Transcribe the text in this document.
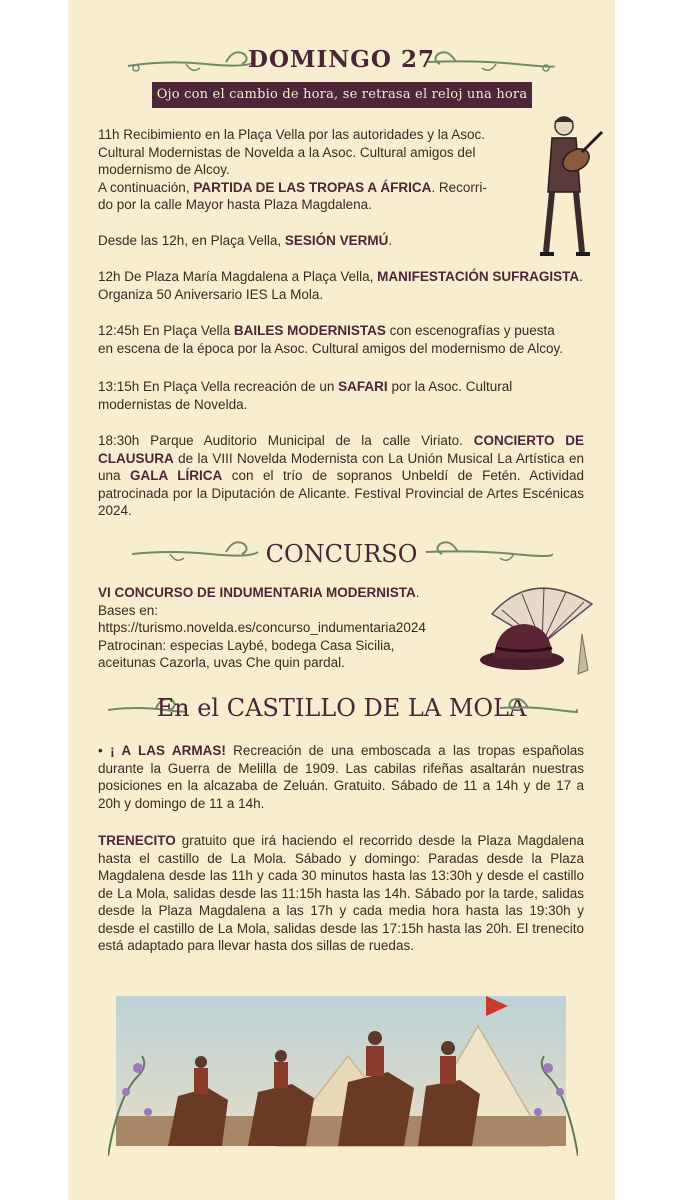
DOMINGO 27
Ojo con el cambio de hora, se retrasa el reloj una hora
11h Recibimiento en la Plaça Vella por las autoridades y la Asoc.
Cultural Modernistas de Novelda a la Asoc. Cultural amigos del
modernismo de Alcoy.
A continuación, PARTIDA DE LAS TROPAS A ÁFRICA. Recorri-
do por la calle Mayor hasta Plaza Magdalena.
Desde las 12h, en Plaça Vella, SESIÓN VERMÚ.
12h De Plaza María Magdalena a Plaça Vella, MANIFESTACIÓN SUFRAGISTA.
Organiza 50 Aniversario IES La Mola.
12:45h En Plaça Vella BAILES MODERNISTAS con escenografías y puesta
en escena de la época por la Asoc. Cultural amigos del modernismo de Alcoy.
13:15h En Plaça Vella recreación de un SAFARI por la Asoc. Cultural
modernistas de Novelda.
18:30h Parque Auditorio Municipal de la calle Viriato. CONCIERTO DE CLAUSURA de la VIII Novelda Modernista con La Unión Musical La Artística en una GALA LÍRICA con el trío de sopranos Unbeldí de Fetén. Actividad patrocinada por la Diputación de Alicante. Festival Provincial de Artes Escénicas 2024.
CONCURSO
VI CONCURSO DE INDUMENTARIA MODERNISTA.
Bases en:
https://turismo.novelda.es/concurso_indumentaria2024
Patrocinan: especias Laybé, bodega Casa Sicilia,
aceitunas Cazorla, uvas Che quin pardal.
En el CASTILLO DE LA MOLA
• ¡ A LAS ARMAS! Recreación de una emboscada a las tropas españolas durante la Guerra de Melilla de 1909. Las cabilas rifeñas asaltarán nuestras posiciones en la alcazaba de Zeluán. Gratuito. Sábado de 11 a 14h y de 17 a 20h y domingo de 11 a 14h.
TRENECITO gratuito que irá haciendo el recorrido desde la Plaza Magdalena hasta el castillo de La Mola. Sábado y domingo: Paradas desde la Plaza Magdalena desde las 11h y cada 30 minutos hasta las 13:30h y desde el castillo de La Mola, salidas desde las 11:15h hasta las 14h. Sábado por la tarde, salidas desde la Plaza Magdalena a las 17h y cada media hora hasta las 19:30h y desde el castillo de La Mola, salidas desde las 17:15h hasta las 20h. El trenecito está adaptado para llevar hasta dos sillas de ruedas.
